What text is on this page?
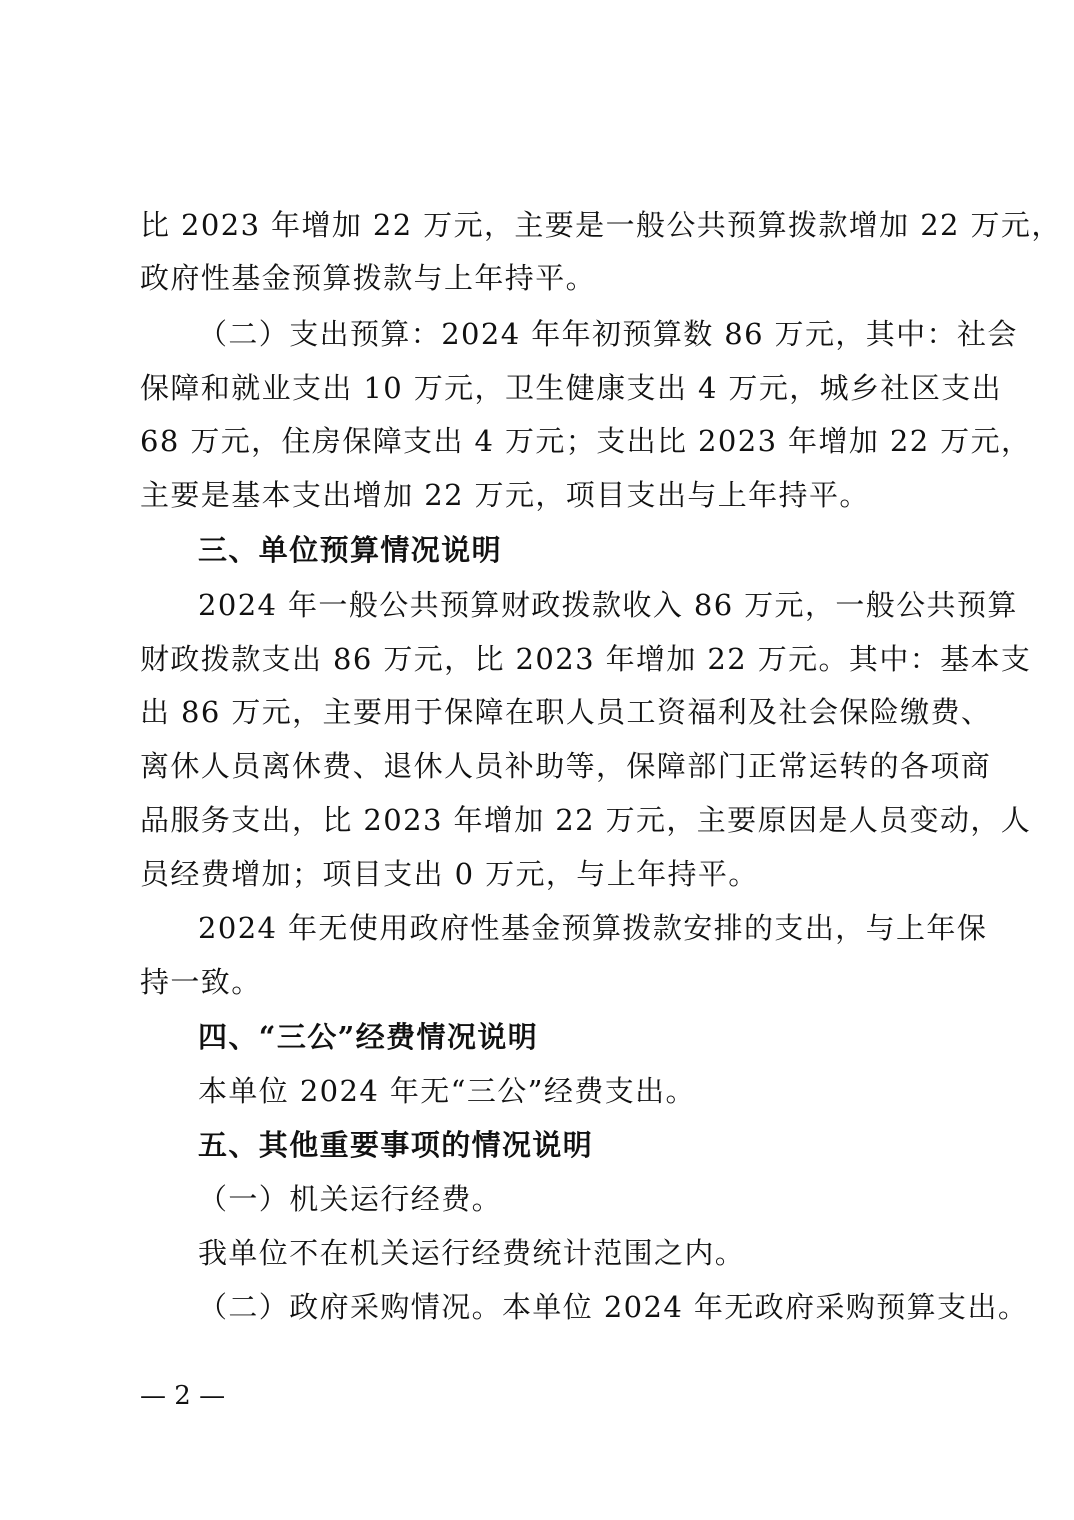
比 2023 年增加 22 万元，主要是一般公共预算拨款增加 22 万元，
政府性基金预算拨款与上年持平。
（二）支出预算：2024 年年初预算数 86 万元，其中：社会
保障和就业支出 10 万元，卫生健康支出 4 万元，城乡社区支出
68 万元，住房保障支出 4 万元；支出比 2023 年增加 22 万元，
主要是基本支出增加 22 万元，项目支出与上年持平。
三、单位预算情况说明
2024 年一般公共预算财政拨款收入 86 万元，一般公共预算
财政拨款支出 86 万元，比 2023 年增加 22 万元。其中：基本支
出 86 万元，主要用于保障在职人员工资福利及社会保险缴费、
离休人员离休费、退休人员补助等，保障部门正常运转的各项商
品服务支出，比 2023 年增加 22 万元，主要原因是人员变动，人
员经费增加；项目支出 0 万元，与上年持平。
2024 年无使用政府性基金预算拨款安排的支出，与上年保
持一致。
四、“三公”经费情况说明
本单位 2024 年无“三公”经费支出。
五、其他重要事项的情况说明
（一）机关运行经费。
我单位不在机关运行经费统计范围之内。
（二）政府采购情况。本单位 2024 年无政府采购预算支出。
— 2 —
